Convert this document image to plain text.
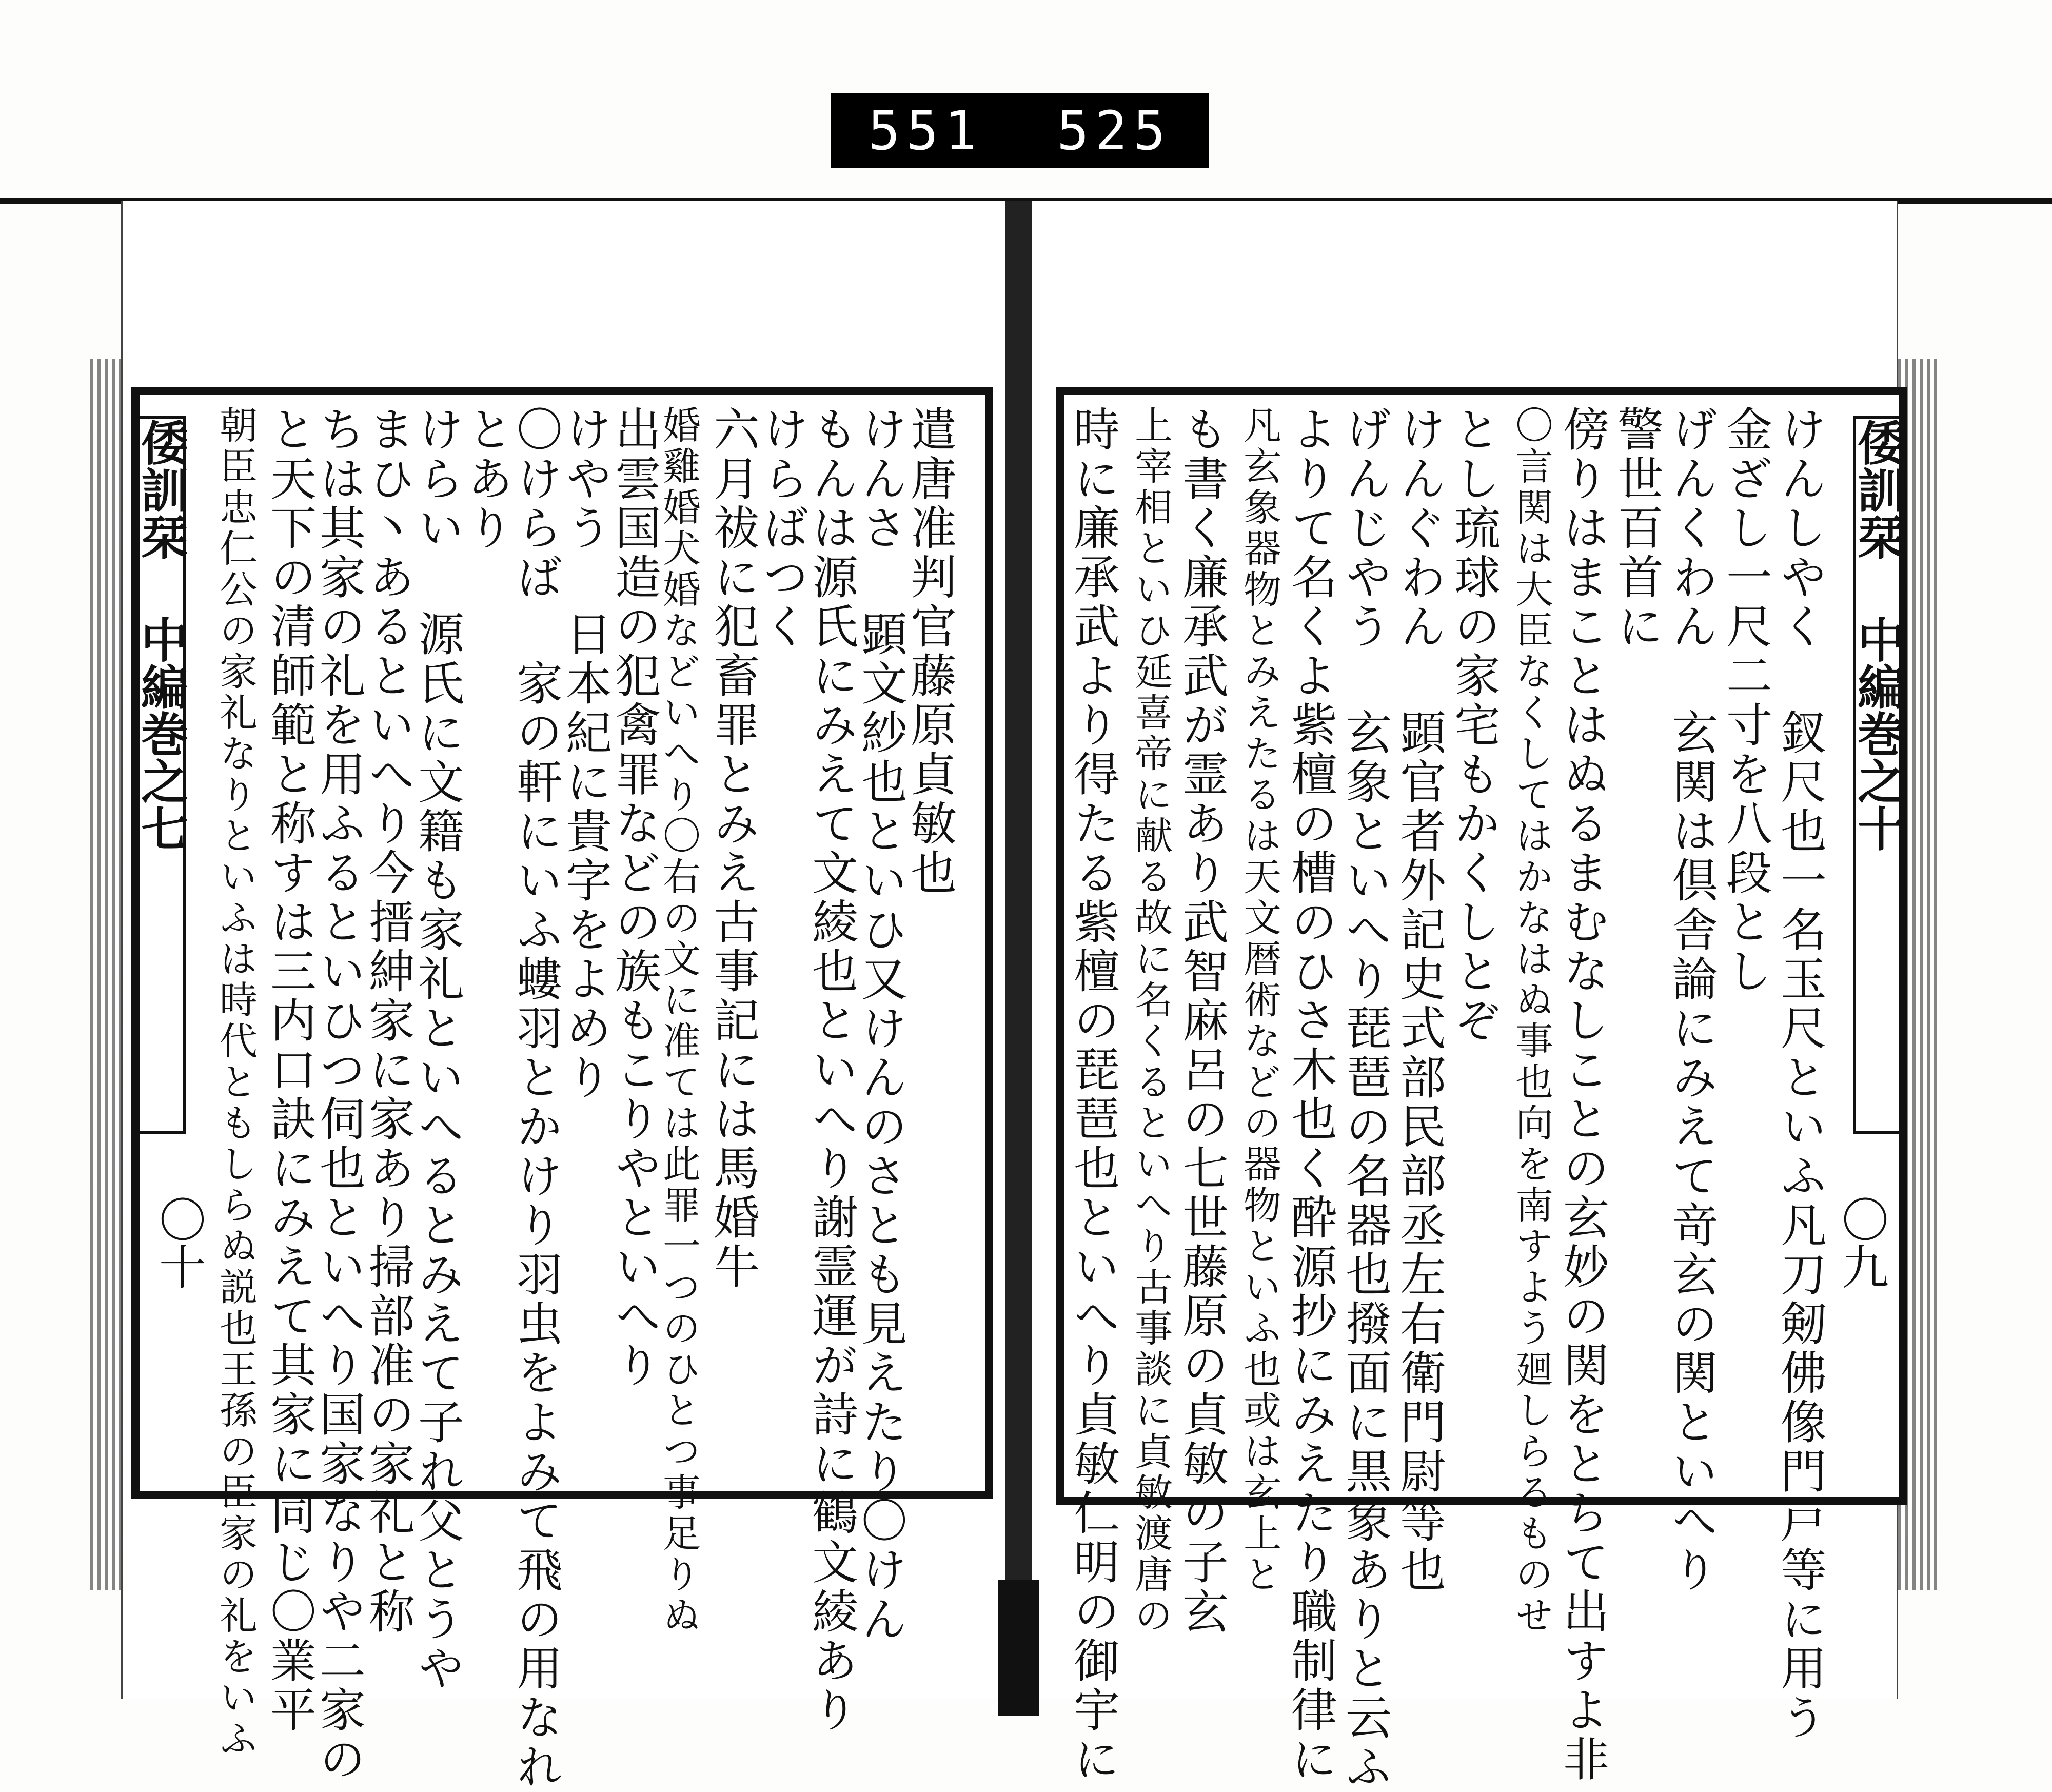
551 525
倭訓栞 中編巻之十
〇九
けんしやく 釵尺也一名玉尺といふ凡刀剱佛像門戸等に用う
金ざし一尺二寸を八段とし
げんくわん 玄関は倶舎論にみえて竒玄の関といへり
警世百首に
傍りはまことはぬるまむなしことの玄妙の関をとちて出すよ非
〇言関は大臣なくしてはかなはぬ事也向を南すよう廻しらるものせ
とし琉球の家宅もかくしとぞ
けんぐわん 顕官者外記史式部民部丞左右衛門尉等也
げんじやう 玄象といへり琵琶の名器也撥面に黒象ありと云ふ
よりて名くよ紫檀の槽のひさ木也く酔源抄にみえたり職制律に
凡玄象器物とみえたるは天文暦術などの器物といふ也或は玄上と
も書く廉承武が霊あり武智麻呂の七世藤原の貞敏の子玄
上宰相といひ延喜帝に献る故に名くるといへり古事談に貞敏渡唐の
時に廉承武より得たる紫檀の琵琶也といへり貞敏仁明の御宇に
倭訓栞 中編巻之七
〇十 朝臣忠仁公の家礼なりといふは時代ともしらぬ説也王孫の臣家の礼をいふ と天下の清師範と称すは三内口訣にみえて其家に同じ〇業平
ちは其家の礼を用ふるといひつ伺也といへり国家なりや二家の
まひ丶あるといへり今搢紳家に家あり掃部准の家礼と称
けらい 源氏に文籍も家礼といへるとみえて子れ父とうや
とあり
〇けらば 家の軒にいふ螻羽とかけり羽虫をよみて飛の用なれ
けやう 日本紀に貴字をよめり
出雲国造の犯禽罪などの族もこりやといへり
婚雞婚犬婚などいへり〇右の文に准ては此罪一つのひとつ事足りぬ 六月祓に犯畜罪とみえ古事記には馬婚牛
けらばつく
もんは源氏にみえて文綾也といへり謝霊運が詩に鶴文綾あり
けんさ 顕文紗也といひ又けんのさとも見えたり〇けん
遣唐准判官藤原貞敏也
